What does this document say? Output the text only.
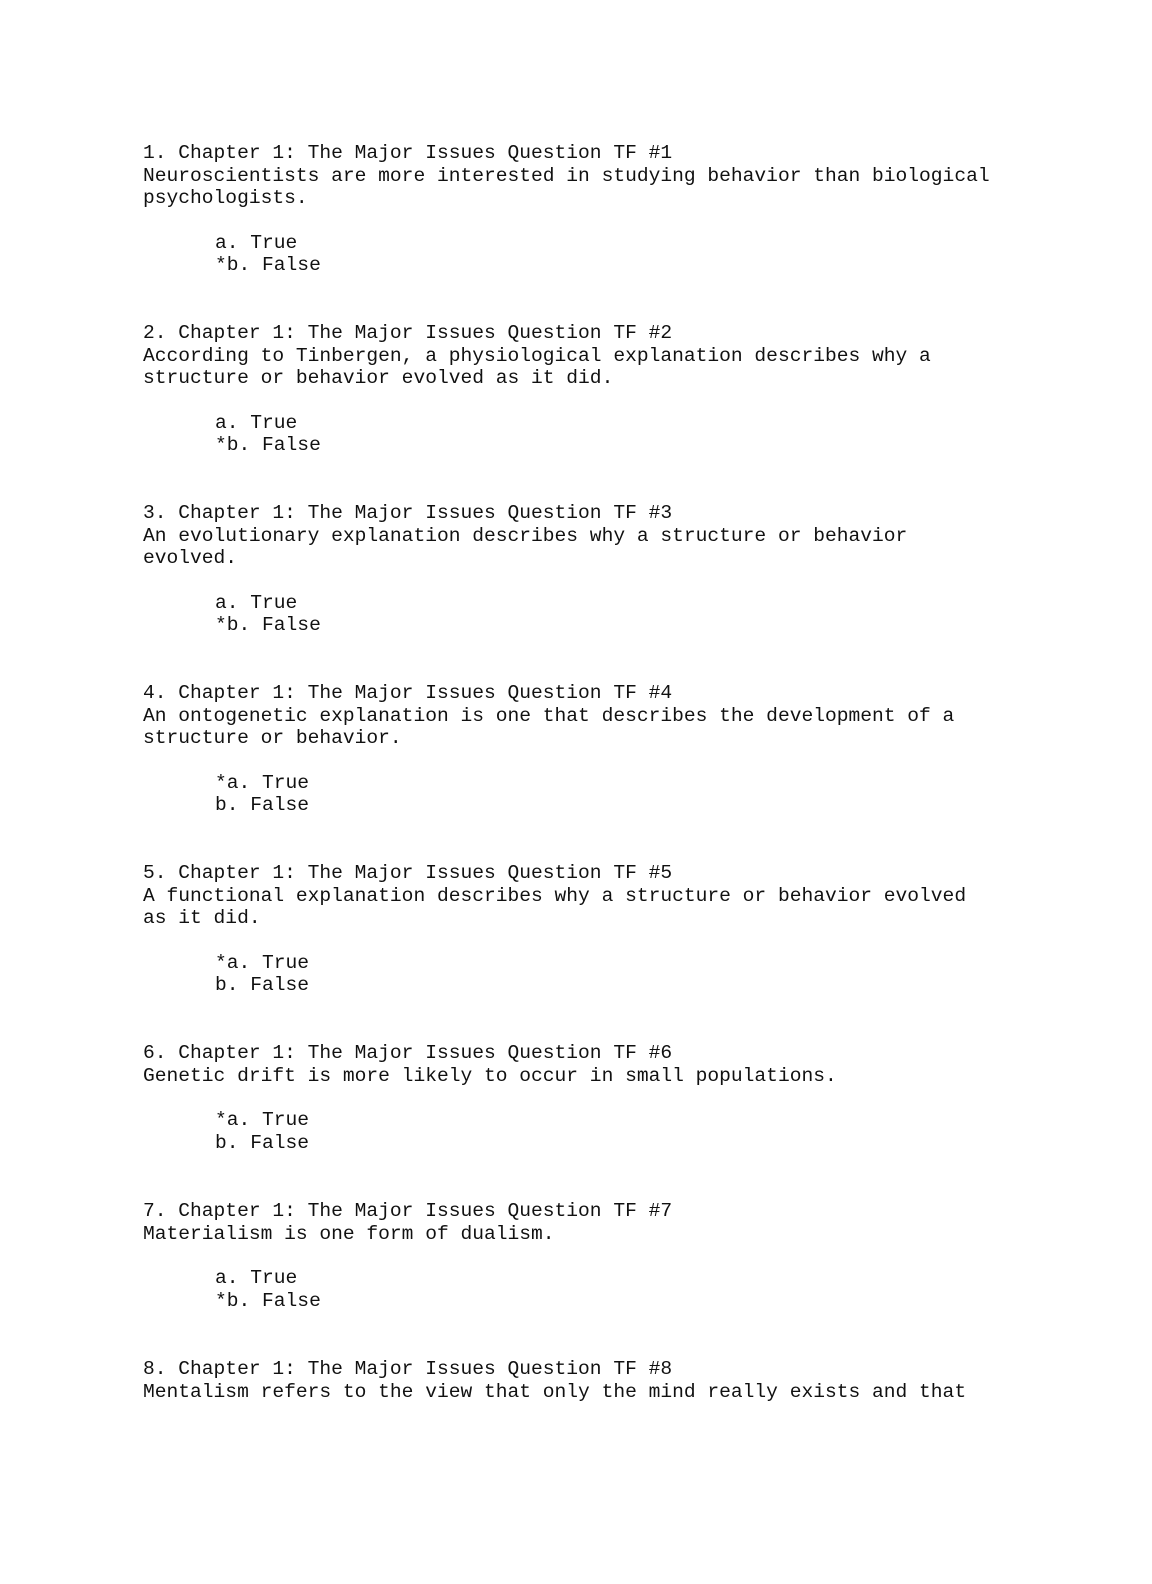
1. Chapter 1: The Major Issues Question TF #1

Neuroscientists are more interested in studying behavior than biological psychologists.

a. True
*b. False

2. Chapter 1: The Major Issues Question TF #2

According to Tinbergen, a physiological explanation describes why a structure or behavior evolved as it did.

a. True
*b. False

3. Chapter 1: The Major Issues Question TF #3

An evolutionary explanation describes why a structure or behavior evolved.

a. True
*b. False

4. Chapter 1: The Major Issues Question TF #4

An ontogenetic explanation is one that describes the development of a structure or behavior.

*a. True
b. False

5. Chapter 1: The Major Issues Question TF #5

A functional explanation describes why a structure or behavior evolved as it did.

*a. True
b. False

6. Chapter 1: The Major Issues Question TF #6

Genetic drift is more likely to occur in small populations.

*a. True
b. False

7. Chapter 1: The Major Issues Question TF #7

Materialism is one form of dualism.

a. True
*b. False

8. Chapter 1: The Major Issues Question TF #8

Mentalism refers to the view that only the mind really exists and that
